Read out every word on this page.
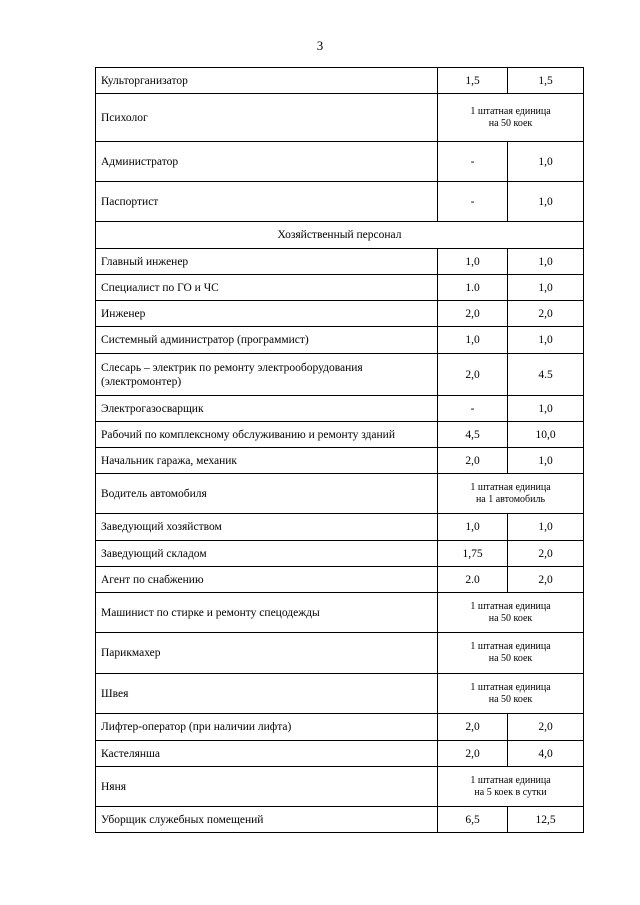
3
Культорганизатор	1,5	1,5
Психолог	1 штатная единица
на 50 коек	

Администратор	-	1,0
Паспортист	-	1,0
Хозяйственный персонал		
Главный инженер	1,0	1,0
Специалист по ГО и ЧС	1.0	1,0
Инженер	2,0	2,0
Системный администратор (программист)	1,0	1,0

Слесарь – электрик по ремонту электрооборудования
(электромонтер)	2,0	4.5
Электрогазосварщик	-	1,0
Рабочий по комплексному обслуживанию и ремонту зданий	4,5	10,0
Начальник гаража, механик	2,0	1,0
Водитель автомобиля	1 штатная единица
на 1 автомобиль	

Заведующий хозяйством	1,0	1,0
Заведующий складом	1,75	2,0
Агент по снабжению	2.0	2,0
Машинист по стирке и ремонту спецодежды	1 штатная единица
на 50 коек	

Парикмахер	1 штатная единица
на 50 коек	

Швея	1 штатная единица
на 50 коек	

Лифтер-оператор (при наличии лифта)	2,0	2,0
Кастелянша	2,0	4,0
Няня	1 штатная единица
на 5 коек в сутки	

Уборщик служебных помещений	6,5	12,5
